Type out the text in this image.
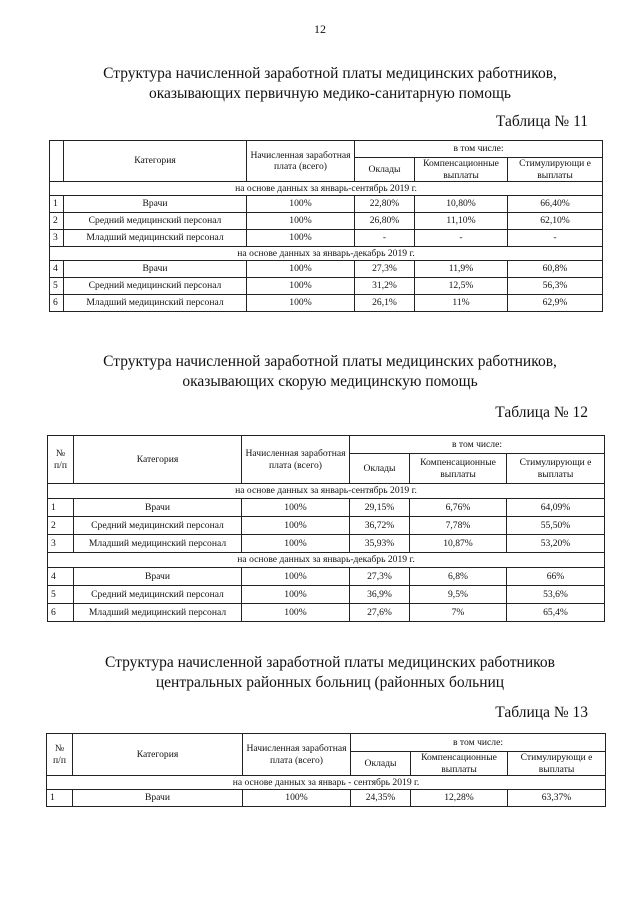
12
Структура начисленной заработной платы медицинских работников,
оказывающих первичную медико-санитарную помощь
Таблица № 11
	Категория	Начисленная заработная плата (всего)	в том числе:		
			Оклады	Компенсационные выплаты	Стимулирующи е выплаты
на основе данных за январь-сентябрь 2019 г.					
1	Врачи	100%	22,80%	10,80%	66,40%
2	Средний медицинский персонал	100%	26,80%	11,10%	62,10%
3	Младший медицинский персонал	100%	-	-	-
на основе данных за январь-декабрь 2019 г.					
4	Врачи	100%	27,3%	11,9%	60,8%
5	Средний медицинский персонал	100%	31,2%	12,5%	56,3%
6	Младший медицинский персонал	100%	26,1%	11%	62,9%
Структура начисленной заработной платы медицинских работников,
оказывающих скорую медицинскую помощь
Таблица № 12
№ п/п	Категория	Начисленная заработная плата (всего)	в том числе:		
			Оклады	Компенсационные выплаты	Стимулирующи е выплаты
на основе данных за январь-сентябрь 2019 г.					
1	Врачи	100%	29,15%	6,76%	64,09%
2	Средний медицинский персонал	100%	36,72%	7,78%	55,50%
3	Младший медицинский персонал	100%	35,93%	10,87%	53,20%
на основе данных за январь-декабрь 2019 г.					
4	Врачи	100%	27,3%	6,8%	66%
5	Средний медицинский персонал	100%	36,9%	9,5%	53,6%
6	Младший медицинский персонал	100%	27,6%	7%	65,4%
Структура начисленной заработной платы медицинских работников
центральных районных больниц (районных больниц
Таблица № 13
№ п/п	Категория	Начисленная заработная плата (всего)	в том числе:		
			Оклады	Компенсационные выплаты	Стимулирующи е выплаты
на основе данных за январь - сентябрь 2019 г.					
1	Врачи	100%	24,35%	12,28%	63,37%
